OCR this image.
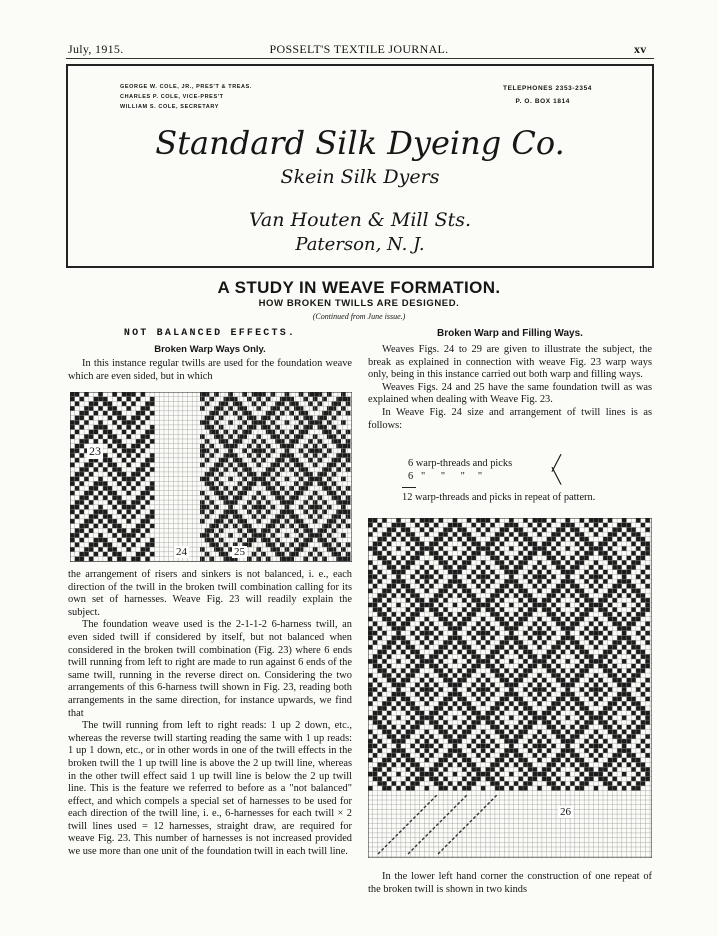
July, 1915.	POSSELT'S TEXTILE JOURNAL.	xv
GEORGE W. COLE, JR., PRES'T & TREAS.
CHARLES P. COLE, VICE-PRES'T
WILLIAM S. COLE, SECRETARY
TELEPHONES 2353-2354
P. O. BOX 1814
Standard Silk Dyeing Co.
Skein Silk Dyers
Van Houten & Mill Sts.
Paterson, N. J.
A STUDY IN WEAVE FORMATION.
HOW BROKEN TWILLS ARE DESIGNED.
(Continued from June issue.)
NOT BALANCED EFFECTS.
Broken Warp Ways Only.

In this instance regular twills are used for the foundation weave which are even sided, but in which

23
24	25

the arrangement of risers and sinkers is not balanced, i. e., each direction of the twill in the broken twill combination calling for its own set of harnesses. Weave Fig. 23 will readily explain the subject.

The foundation weave used is the 2-1-1-2 6-harness twill, an even sided twill if considered by itself, but not balanced when considered in the broken twill combination (Fig. 23) where 6 ends twill running from left to right are made to run against 6 ends of the same twill, running in the reverse direct on. Considering the two arrangements of this 6-harness twill shown in Fig. 23, reading both arrangements in the same direction, for instance upwards, we find that

The twill running from left to right reads: 1 up 2 down, etc., whereas the reverse twill starting reading the same with 1 up reads: 1 up 1 down, etc., or in other words in one of the twill effects in the broken twill the 1 up twill line is above the 2 up twill line, whereas in the other twill effect said 1 up twill line is below the 2 up twill line. This is the feature we referred to before as a "not balanced" effect, and which compels a special set of harnesses to be used for each direction of the twill line, i. e., 6-harnesses for each twill × 2 twill lines used = 12 harnesses, straight draw, are required for weave Fig. 23. This number of harnesses is not increased provided we use more than one unit of the foundation twill in each twill line.

Broken Warp and Filling Ways.

Weaves Figs. 24 to 29 are given to illustrate the subject, the break as explained in connection with weave Fig. 23 warp ways only, being in this instance carried out both warp and filling ways.

Weaves Figs. 24 and 25 have the same foundation twill as was explained when dealing with Weave Fig. 23.

In Weave Fig. 24 size and arrangement of twill lines is as follows:

6 warp-threads and picks	╱
6   "      "      "     "	╲
12 warp-threads and picks in repeat of pattern.
26

In the lower left hand corner the construction of one repeat of the broken twill is shown in two kinds
